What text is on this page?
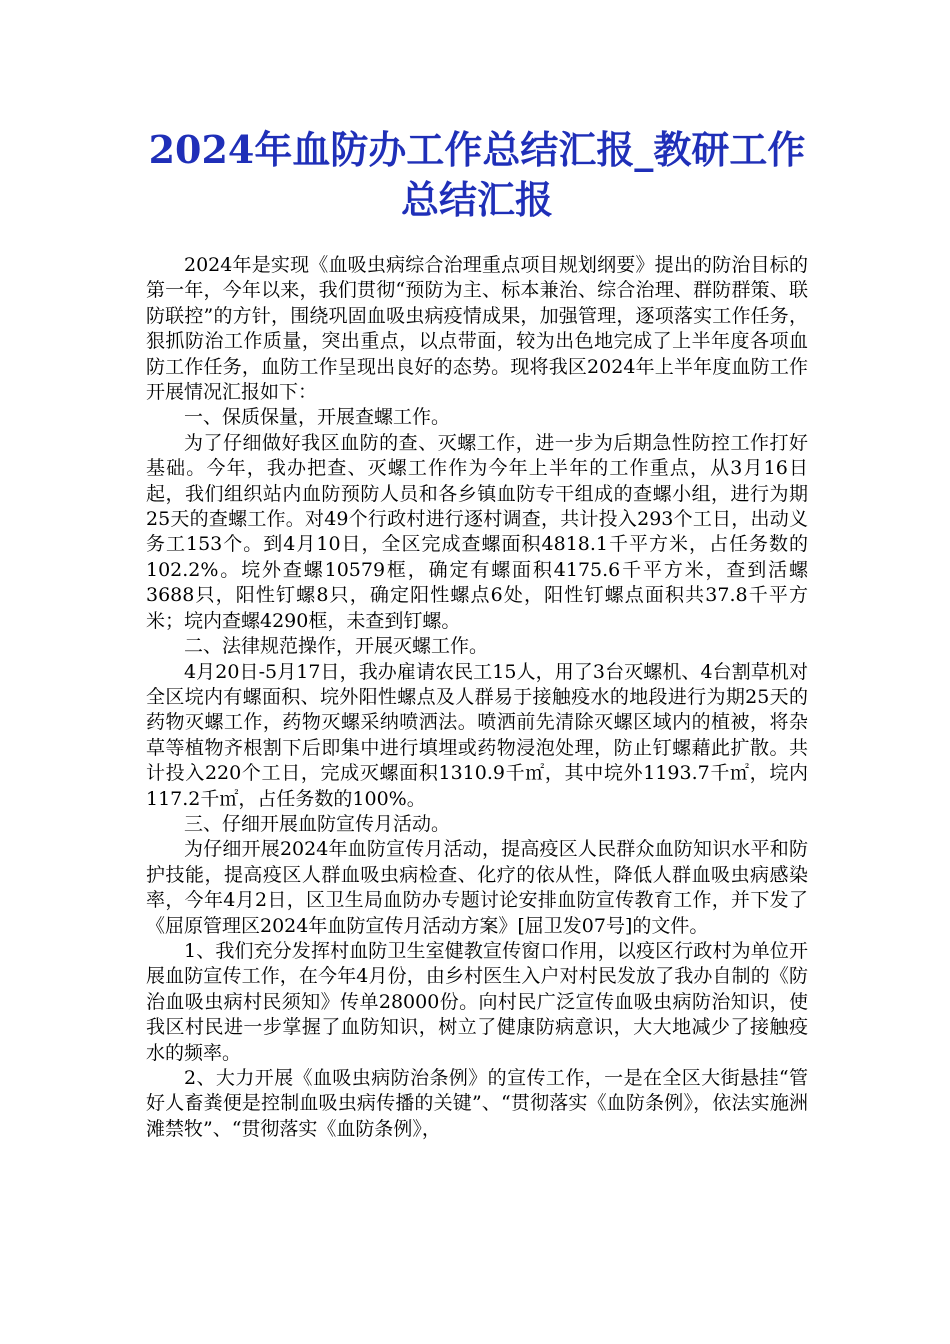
2024年血防办工作总结汇报_教研工作总结汇报

2024年是实现《血吸虫病综合治理重点项目规划纲要》提出的防治目标的第一年，今年以来，我们贯彻“预防为主、标本兼治、综合治理、群防群策、联防联控”的方针，围绕巩固血吸虫病疫情成果，加强管理，逐项落实工作任务，狠抓防治工作质量，突出重点，以点带面，较为出色地完成了上半年度各项血防工作任务，血防工作呈现出良好的态势。现将我区2024年上半年度血防工作开展情况汇报如下：

一、保质保量，开展查螺工作。

为了仔细做好我区血防的查、灭螺工作，进一步为后期急性防控工作打好基础。今年，我办把查、灭螺工作作为今年上半年的工作重点，从3月16日起，我们组织站内血防预防人员和各乡镇血防专干组成的查螺小组，进行为期25天的查螺工作。对49个行政村进行逐村调查，共计投入293个工日，出动义务工153个。到4月10日，全区完成查螺面积4818.1千平方米，占任务数的102.2%。垸外查螺10579框，确定有螺面积4175.6千平方米，查到活螺3688只，阳性钉螺8只，确定阳性螺点6处，阳性钉螺点面积共37.8千平方米；垸内查螺4290框，未查到钉螺。

二、法律规范操作，开展灭螺工作。

4月20日-5月17日，我办雇请农民工15人，用了3台灭螺机、4台割草机对全区垸内有螺面积、垸外阳性螺点及人群易于接触疫水的地段进行为期25天的药物灭螺工作，药物灭螺采纳喷洒法。喷洒前先清除灭螺区域内的植被，将杂草等植物齐根割下后即集中进行填埋或药物浸泡处理，防止钉螺藉此扩散。共计投入220个工日，完成灭螺面积1310.9千㎡，其中垸外1193.7千㎡，垸内117.2千㎡，占任务数的100%。

三、仔细开展血防宣传月活动。

为仔细开展2024年血防宣传月活动，提高疫区人民群众血防知识水平和防护技能，提高疫区人群血吸虫病检查、化疗的依从性，降低人群血吸虫病感染率，今年4月2日，区卫生局血防办专题讨论安排血防宣传教育工作，并下发了《屈原管理区2024年血防宣传月活动方案》[屈卫发07号]的文件。

1、我们充分发挥村血防卫生室健教宣传窗口作用，以疫区行政村为单位开展血防宣传工作，在今年4月份，由乡村医生入户对村民发放了我办自制的《防治血吸虫病村民须知》传单28000份。向村民广泛宣传血吸虫病防治知识，使我区村民进一步掌握了血防知识，树立了健康防病意识，大大地减少了接触疫水的频率。

2、大力开展《血吸虫病防治条例》的宣传工作，一是在全区大街悬挂“管好人畜粪便是控制血吸虫病传播的关键”、“贯彻落实《血防条例》，依法实施洲滩禁牧”、“贯彻落实《血防条例》，
